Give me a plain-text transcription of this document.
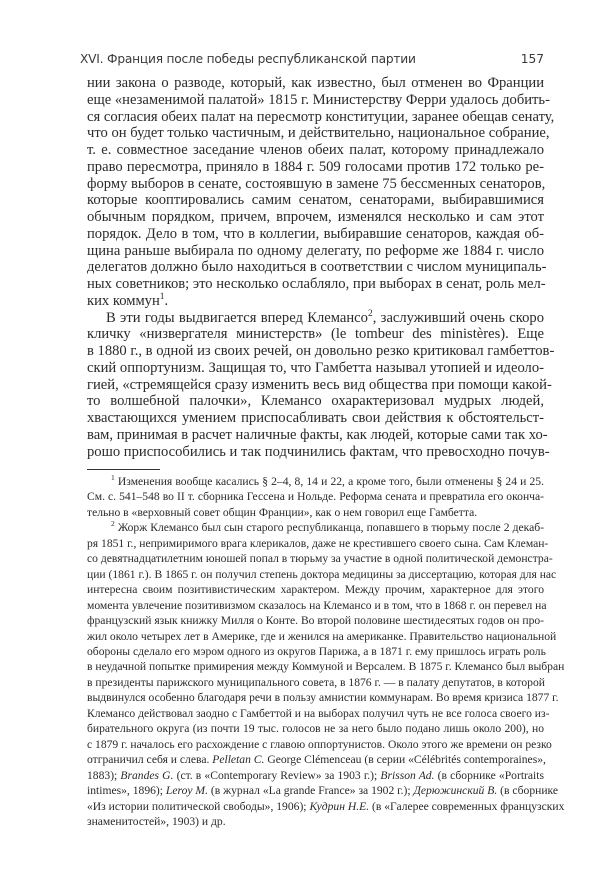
XVI. Франция после победы республиканской партии	157
нии закона о разводе, который, как известно, был отменен во Франции
еще «незаменимой палатой» 1815 г. Министерству Ферри удалось добить-
ся согласия обеих палат на пересмотр конституции, заранее обещав сенату,
что он будет только частичным, и действительно, национальное собрание,
т. е. совместное заседание членов обеих палат, которому принадлежало
право пересмотра, приняло в 1884 г. 509 голосами против 172 только ре-
форму выборов в сенате, состоявшую в замене 75 бессменных сенаторов,
которые кооптировались самим сенатом, сенаторами, выбиравшимися
обычным порядком, причем, впрочем, изменялся несколько и сам этот
порядок. Дело в том, что в коллегии, выбиравшие сенаторов, каждая об-
щина раньше выбирала по одному делегату, по реформе же 1884 г. число
делегатов должно было находиться в соответствии с числом муниципаль-
ных советников; это несколько ослабляло, при выборах в сенат, роль мел-
ких коммун$^1$.
В эти годы выдвигается вперед Клемансо$^2$, заслуживший очень скоро
кличку «низвергателя министерств» (le tombeur des ministères). Еще
в 1880 г., в одной из своих речей, он довольно резко критиковал гамбеттов-
ский оппортунизм. Защищая то, что Гамбетта называл утопией и идеоло-
гией, «стремящейся сразу изменить весь вид общества при помощи какой-
то волшебной палочки», Клемансо охарактеризовал мудрых людей,
хвастающихся умением приспосабливать свои действия к обстоятельст-
вам, принимая в расчет наличные факты, как людей, которые сами так хо-
рошо приспособились и так подчинились фактам, что превосходно почув-
$^1$ Изменения вообще касались § 2–4, 8, 14 и 22, а кроме того, были отменены § 24 и 25.
См. с. 541–548 во II т. сборника Гессена и Нольде. Реформа сената и превратила его оконча-
тельно в «верховный совет общин Франции», как о нем говорил еще Гамбетта.
$^2$ Жорж Клемансо был сын старого республиканца, попавшего в тюрьму после 2 декаб-
ря 1851 г., непримиримого врага клерикалов, даже не крестившего своего сына. Сам Клеман-
со девятнадцатилетним юношей попал в тюрьму за участие в одной политической демонстра-
ции (1861 г.). В 1865 г. он получил степень доктора медицины за диссертацию, которая для нас
интересна своим позитивистическим характером. Между прочим, характерное для этого
момента увлечение позитивизмом сказалось на Клемансо и в том, что в 1868 г. он перевел на
французский язык книжку Милля о Конте. Во второй половине шестидесятых годов он про-
жил около четырех лет в Америке, где и женился на американке. Правительство национальной
обороны сделало его мэром одного из округов Парижа, а в 1871 г. ему пришлось играть роль
в неудачной попытке примирения между Коммуной и Версалем. В 1875 г. Клемансо был выбран
в президенты парижского муниципального совета, в 1876 г. — в палату депутатов, в которой
выдвинулся особенно благодаря речи в пользу амнистии коммунарам. Во время кризиса 1877 г.
Клемансо действовал заодно с Гамбеттой и на выборах получил чуть не все голоса своего из-
бирательного округа (из почти 19 тыс. голосов не за него было подано лишь около 200), но
с 1879 г. началось его расхождение с главою оппортунистов. Около этого же времени он резко
отграничил себя и слева. Pelletan C. George Clémenceau (в серии «Célébrités contemporaines»,
1883); Brandes G. (ст. в «Contemporary Review» за 1903 г.); Brisson Ad. (в сборнике «Portraits
intimes», 1896); Leroy M. (в журнал «La grande France» за 1902 г.); Дерюжинский В. (в сборнике
«Из истории политической свободы», 1906); Кудрин Н.Е. (в «Галерее современных французских
знаменитостей», 1903) и др.
